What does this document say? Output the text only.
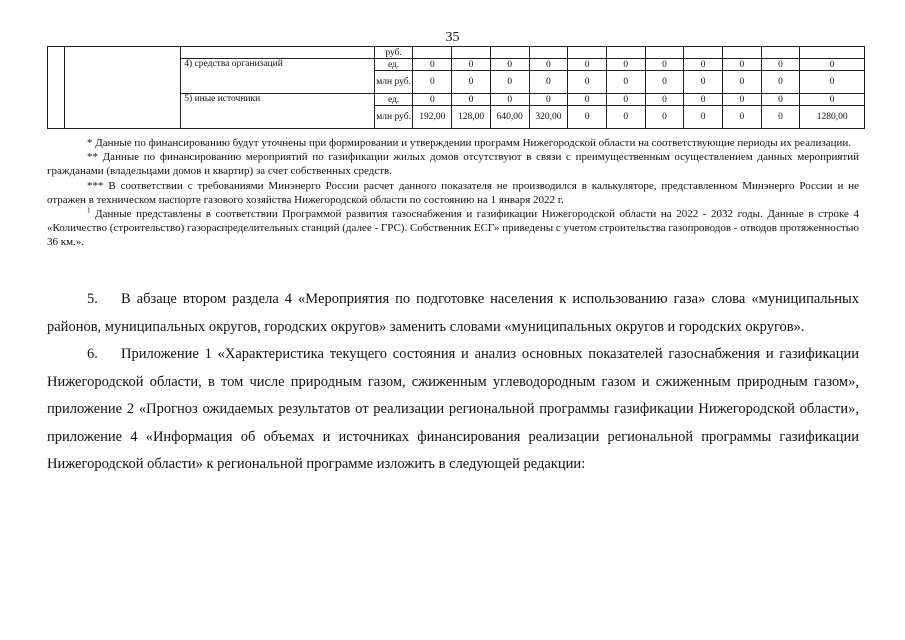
35
			руб.											
		4) средства организаций	ед.	0	0	0	0	0	0	0	0	0	0	0
			млн руб.	0	0	0	0	0	0	0	0	0	0	0
		5) иные источники	ед.	0	0	0	0	0	0	0	0	0	0	0
			млн руб.	192,00	128,00	640,00	320,00	0	0	0	0	0	0	1280,00

* Данные по финансированию будут уточнены при формировании и утверждении программ Нижегородской области на соответствующие периоды их реализации.

** Данные по финансированию мероприятий по газификации жилых домов отсутствуют в связи с преимущественным осуществлением данных мероприятий гражданами (владельцами домов и квартир) за счет собственных средств.

*** В соответствии с требованиями Минэнерго России расчет данного показателя не производился в калькуляторе, представленном Минэнерго России и не отражен в техническом паспорте газового хозяйства Нижегородской области по состоянию на 1 января 2022 г.

$^1$ Данные представлены в соответствии Программой развития газоснабжения и газификации Нижегородской области на 2022 - 2032 годы. Данные в строке 4 «Количество (строительство) газораспределительных станций (далее - ГРС). Собственник ЕСГ» приведены с учетом строительства газопроводов - отводов протяженностью 36 км.».

5. В абзаце втором раздела 4 «Мероприятия по подготовке населения к использованию газа» слова «муниципальных районов, муниципальных округов, городских округов» заменить словами «муниципальных округов и городских округов».

6. Приложение 1 «Характеристика текущего состояния и анализ основных показателей газоснабжения и газификации Нижегородской области, в том числе природным газом, сжиженным углеводородным газом и сжиженным природным газом», приложение 2 «Прогноз ожидаемых результатов от реализации региональной программы газификации Нижегородской области», приложение 4 «Информация об объемах и источниках финансирования реализации региональной программы газификации Нижегородской области» к региональной программе изложить в следующей редакции:
